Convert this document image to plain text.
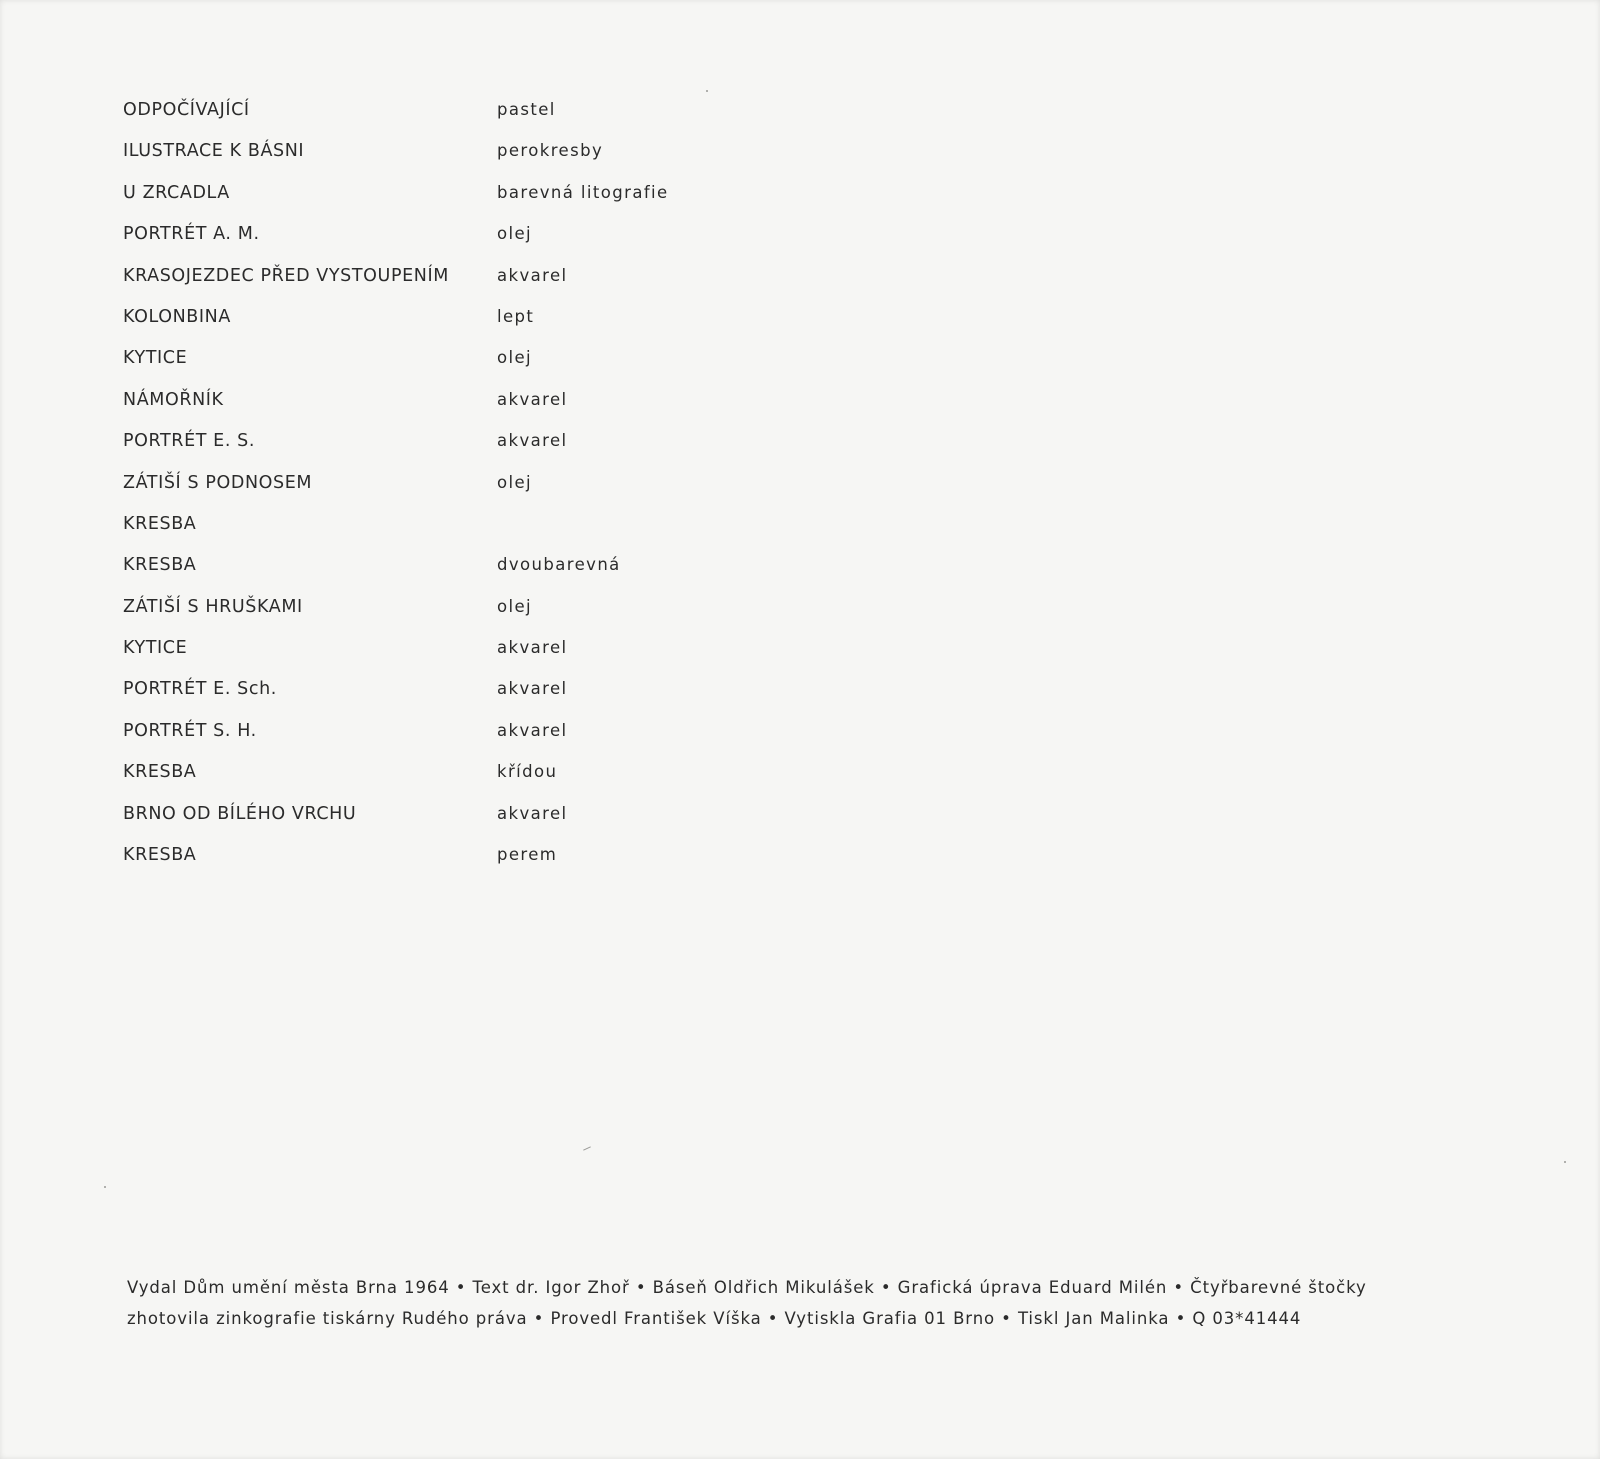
ODPOČÍVAJÍCÍ	pastel
ILUSTRACE K BÁSNI	perokresby
U ZRCADLA	barevná litografie
PORTRÉT A. M.	olej
KRASOJEZDEC PŘED VYSTOUPENÍM	akvarel
KOLONBINA	lept
KYTICE	olej
NÁMOŘNÍK	akvarel
PORTRÉT E. S.	akvarel
ZÁTIŠÍ S PODNOSEM	olej
KRESBA
KRESBA	dvoubarevná
ZÁTIŠÍ S HRUŠKAMI	olej
KYTICE	akvarel
PORTRÉT E. Sch.	akvarel
PORTRÉT S. H.	akvarel
KRESBA	křídou
BRNO OD BÍLÉHO VRCHU	akvarel
KRESBA	perem
Vydal Dům umění města Brna 1964 • Text dr. Igor Zhoř • Báseň Oldřich Mikulášek • Grafická úprava Eduard Milén • Čtyřbarevné štočky
zhotovila zinkografie tiskárny Rudého práva • Provedl František Víška • Vytiskla Grafia 01 Brno • Tiskl Jan Malinka • Q 03*41444
